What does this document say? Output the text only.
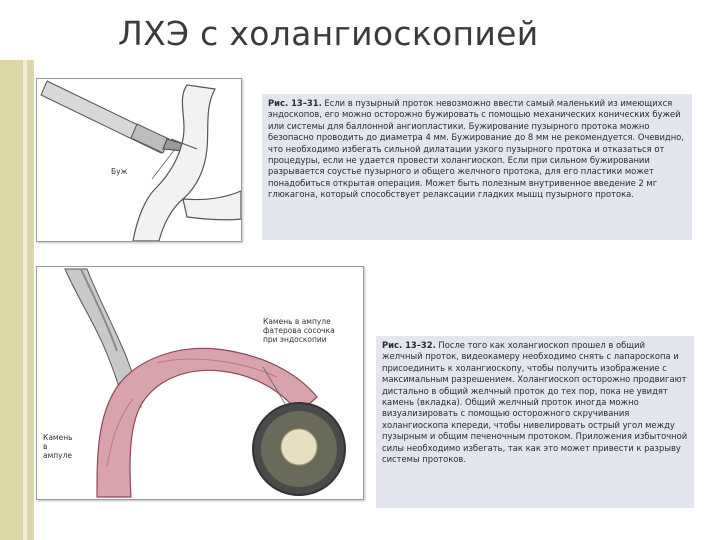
ЛХЭ с холангиоскопией
Буж
Рис. 13–31. Если в пузырный проток невозможно ввести самый маленький из имеющихся эндоскопов, его можно осторожно бужировать с помощью механических конических бужей или системы для баллонной ангиопластики. Бужирование пузырного протока можно безопасно проводить до диаметра 4 мм. Бужирование до 8 мм не рекомендуется. Очевидно, что необходимо избегать сильной дилатации узкого пузырного протока и отказаться от процедуры, если не удается провести холангиоскоп. Если при сильном бужировании разрывается соустье пузырного и общего желчного протока, для его пластики может понадобиться открытая операция. Может быть полезным внутривенное введение 2 мг глюкагона, который способствует релаксации гладких мышц пузырного протока.
Камень в ампуле фатерова сосочка при эндоскопии
Камень в ампуле
Рис. 13–32. После того как холангиоскоп прошел в общий желчный проток, видеокамеру необходимо снять с лапароскопа и присоединить к холангиоскопу, чтобы получить изображение с максимальным разрешением. Холангиоскоп осторожно продвигают дистально в общий желчный проток до тех пор, пока не увидят камень (вкладка). Общий желчный проток иногда можно визуализировать с помощью осторожного скручивания холангиоскопа кпереди, чтобы нивелировать острый угол между пузырным и общим печеночным протоком. Приложения избыточной силы необходимо избегать, так как это может привести к разрыву системы протоков.
